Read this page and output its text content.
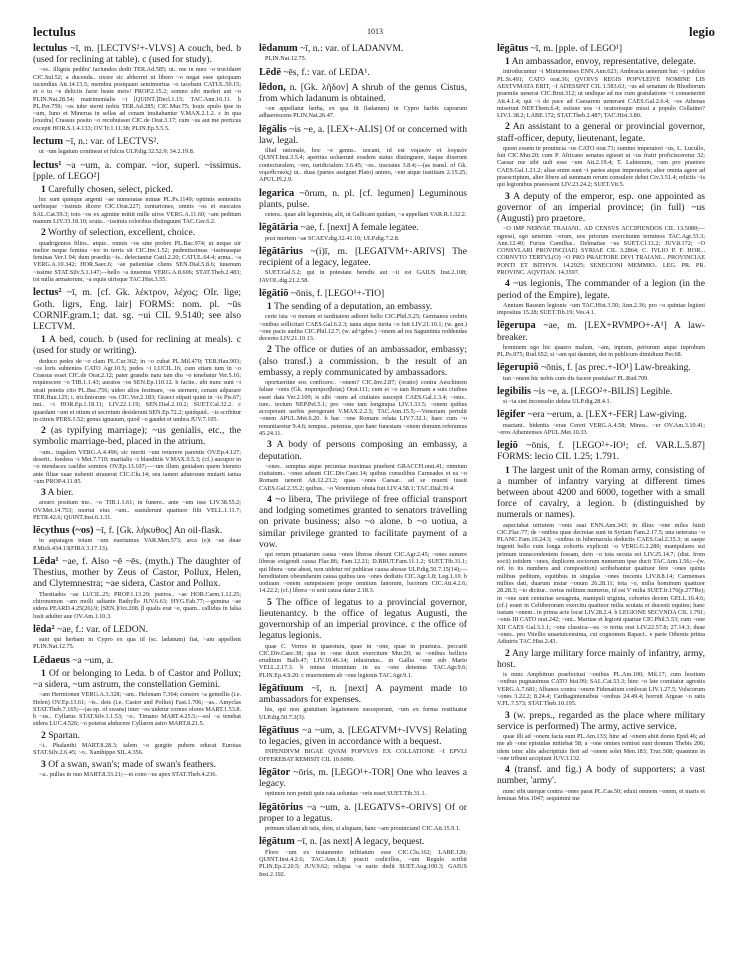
lectulus	1013	legio
lectulus ~ī, m. [LECTVS²+-VLVS] A couch, bed. b (used for reclining at table). c (used for study).
~os.. illignis pedibu' faciundos dedit TER.Ad.585; ut.. me in meo ~o trucidaret CIC.Sul.52; a ducenda.. uxore sic abhorret ut libero ~o negat esse quicquam iucundius Att.14.13.5; membra postquam semimortua ~o iacebant CATUL.50.15; et o tu ~e deliciis facte beate meis! PROP.2.15.2; somno sibi mederi aut ~o PLIN.Nat.28.54; matrimonialis ~i [QUINT.]Decl.1.15; TAC.Ann.16.11. b PL.Per.759; ~os iube sterni nobis TER.Ad.285; CIC.Mur.75; Iouis epulo ipse in ~um, Iuno et Minerua in sellas ad cenam inuitabantur V.MAX.2.1.2. c in qua [exedra] Crassus posito ~o recubuisset CIC.de Orat.3.17; cum ~us aut me porticus excepit HOR.S.1.4.133; OV.Tr.1.11.38; PLIN.Ep.5.5.5.
lectum ~ī, n.: var. of LECTVS².
ut ~um legatum contineat et fulcra ULP.dig.32.52.9; 34.2.19.8.
lectus¹ ~a ~um, a. compar. ~ior, superl. ~issimus. [pple. of LEGO²]
1 Carefully chosen, select, picked.
hic sunt quinque argenti ~ae numeratae minae PL.Ps.1149; optimis sententiis uerbisque ~issimis dicere CIC.Orat.227; centuriones, omnis ~os et euocatos SAL.Cat.59.3; toto ~os ex agmine mittit mille uiros VERG.A.11.60; ~am peditum manum LIV.33.18.10; scuta.. ~issimis coloribus distinguunt TAC.Ger.6.2.
2 Worthy of selection, excellent, choice.
quadrigentos filios.. atque.. omnis ~os sine probro PL.Bac.974; ut neque uir melior neque femina ~ior in terris sit CIC.Inv.1.52; pudentissimas ~issimasque feminas Ver.1.94; dum praediis ~is.. delectantur Catil.2.20; CATUL.64.4; arma.. ~a VERG.A.10.342; HOR.Saec.6; ~ae patientiae cliens SEN.Dial.5.8.6; iuuenum ~issime STAT.Silv.5.1.147;—bello ~a iuuentus VERG.A.8.606; STAT.Theb.2.483; tot milia armatorum, ~a equis uirisque TAC.Hist.3.55.
lectus² ~ī, m. [cf. Gk. λέκτρον, λέχος; OIr. lige; Goth. ligrs, Eng. lair] FORMS: nom. pl. ~ūs CORNIF.gram.1; dat. sg. ~ui CIL 9.5140; see also LECTVM.
1 A bed, couch. b (used for reclining at meals). c (used for study or writing).
deduco pedes de ~o clam PL.Cur.362; in ~o cubat PL.Mil.470; TER.Hau.903; ~os loris subtentos CATO Agr.10.5; pedes ~i LUCIL.16; cum etiam tum in ~o Crassus esset CIC.de Orat.2.12; pater grandis natu iam diu ~o tenebatur Ver.5.16; requiescere ~o TIB.1.1.43; auratos ~os SEN.Ep.110.12. b facite.. ubi nunc sunt ~i strati potetis cito PL.Bac.756; uideo alios festinare, ~os sternere, cenam adparare TER.Hau.125; i. tricliniorum ~os CIC.Ver.2.183; Graeci stipati quini in ~is Pis.67; imi.. ~i HOR.Ep.1.18.11; LIV.22.1.19; SEN.Dial.2.10.2; SUET.Cal.32.2. c quaedam ~um et otium et secretum desiderant SEN.Ep.72.2; quidquid.. ~is scribitur in citreis PERS.1.52; genus ignauum, quod ~o gaudet et umbra JUV.7.105.
2 (as typifying marriage); ~us genialis, etc., the symbolic marriage-bed, placed in the atrium.
~um.. iugalem VERG.A.4.496; sic meriti ~um reuerere parentis OV.Ep.4.127; deserti.. foedera ~i Met.7.710; maritalis ~i blanditiis V.MAX.9.5.3; (cf.) aucupor in ~o mendaces caelibe somnos OV.Ep.13.107;—~um illum genialem quem biennio ante filiae suae nubenti strauerat CIC.Clu.14; seu tamen aduersum mutarit ianua ~um PROP.4.11.85.
3 A bier.
arsuro positum me.. ~o TIB.1.1.61; in funere.. ante ~um isse LIV.38.55.2; OV.Met.14.753; mortui eius ~um.. sustulerunt quattuor filii VELL.1.11.7; PETR.42.6; QUINT.Inst.6.1.31.
lēcythus (~os) ~ī, f. [Gk. λήκυθος] An oil-flask.
in asparagos totam ~um euertamus VAR.Men.573; arca (e)t ~ae duae P.Mich.434.13(FIRA 3.17.13).
Lēda¹ ~ae, f. Also ~ē ~ēs. (myth.) The daughter of Thestius, mother by Zeus of Castor, Pollux, Helen, and Clytemnestra; ~ae sidera, Castor and Pollux.
Thestiados ~ae LUCIL.25; PROP.1.13.29; pueros.. ~ae HOR.Carm.1.12.25; chironomon ~am molli saltante Bathyllo JUV.6.63; HYG.Fab.77;—gemina ~ae sidera PEARD.4.25(26).9; [SEN.]Oct.208. β qualis erat ~e, quam.. callidus in falsa lusit adulter aue OV.Am.1.10.3.
lēda² ~ae, f.: var. of LEDON.
sunt qui herbam in Cypro ex qua id (sc. ladanum) fiat, ~am appellent PLIN.Nat.12.75.
Lēdaeus ~a ~um, a.
1 Of or belonging to Leda. b of Castor and Pollux; ~a sidera, ~um astrum, the constellation Gemini.
~am Hermionen VERG.A.3.328; ~am.. Helenam 7.364; consors ~a gemellis (i.e. Helen) OV.Ep.13.61; ~is.. deis (i.e. Castor and Pollux) Fast.1.706; ~as.. Amyclas STAT.Theb.7.165;—(as ep. of swans) inter ~os uidetur cornus olores MART.1.53.8. b ~us.. Cyllarus STAT.Silv.1.1.53; ~o.. Timano MART.4.25.5;—sol ~a tenebat sidera LUC.4.526; ~o poteras abducere Cyllaron astro MART.8.21.5.
2 Spartan.
~i.. Phalanthi MART.8.28.3; talem ~o gurgite pubem educat Eurotas STAT.Silv.2.6.45; ~o.. Xanthippo SIL.4.356.
3 Of a swan, swan's; made of swan's feathers.
~a.. pullus in ouo MART.8.33.21;—et cono ~us apex STAT.Theb.4.236.
lēdanum ~ī, n.: var. of LADANVM.
PLIN.Nat.12.75.
Lēdē ~ēs, f.: var. of LEDA¹.
lēdon, n. [Gk. λῆδον] A shrub of the genus Cistus, from which ladanum is obtained.
~on appellatur herba, ex qua fit (ladanum) in Cypro barbis caprarum adhaerescens PLIN.Nat.26.47.
lēgālis ~is ~e, a. [LEX+-ALIS] Of or concerned with law, legal.
illud rationale, hoc ~e genus.. uocant, id est νομικὸν et λογικὸν QUINT.Inst.3.5.4; apertius uoluerunt eosdem status distinguere, itaque dixerunt coniecturalem, ~em, iuridicialem 3.6.45; ~es.. tractatus 3.8.4;—(as transl. of Gk. νομοθετικός) ut.. duas (partes assignet Plato) animo, ~em atque iustitiam 2.15.25; APUL.Pl.2.9.
legarica ~ōrum, n. pl. [cf. legumen] Leguminous plants, pulse.
cetera.. quae alii leguminia, alii, ut Gallicani quidam, ~a appellant VAR.R.1.32.2.
lēgātāria ~ae, f. [next] A female legatee.
post mortem ~ae SCAEV.dig.32.41.10; ULP.dig.7.2.8.
lēgātārius ~(i)ī, m. [LEGATVM+-ARIVS] The recipient of a legacy, legatee.
SUET.Gal.5.2; qui in potestate heredis aut ~ii est GAIUS Inst.2.108; JAVOL.dig.21.2.58.
lēgātiō ~ōnis, f. [LEGO¹+-TIO]
1 The sending of a deputation, an embassy.
certe ista ~o moram et tarditatem adferet bello CIC.Phil.5.25; Germanos crebris ~onibus sollicitari CAES.Gal.6.2.3; uana atque inrita ~o fuit LIV.21.10.1; (w. gen.) ~one pacis audita CIC.Phil.12.7; (w. ad+gdve.) ~onem ad res Saguntinis reddendas decerno LIV.21.10.13.
2 The office or duties of an ambassador, embassy; (also transf.) a commission. b the result of an embassy, a reply communicated by ambassadors.
oportueritne eos conficere.. ~onem? CIC.Inv.2.87; (oratio) contra Aeschinem falsae ~onis (Gk. παραπρεσβείας) Orat.111; cum ei ~o iam Romam a suis ciuibus esset data Ver.2.109; is sibi ~nem ad ciuitates suscepit CAES.Gal.1.3.4; ~onis.. iure.. tectum NEP.Pel.5.1; pro ~one tam longinqua LIV.3.33.5; ~onem quibus acceperant uerbis peregerant V.MAX.2.2.5; TAC.Ann.15.5;—Veneriam pertulit ~onem APUL.Met.6.20. b hac ~one Romam relata LIV.7.32.1; haec cum ~o renuntiaretur 9.4.6; tempus.. petemus, quo hanc funestam ~onem domum referamus 45.24.11.
3 A body of persons composing an embassy, a deputation.
~ones.. sumptus atque pecunias maximas praebent GRACCH.orat.41; omnium ciuitatum.. ~ones adsunt CIC.Div.Caec.14; quibus consulibus Carneades et ea ~o Romam uenerit Att.12.23.2; quas ~ones Caesar.. ad se reuerti iussit CAES.Gal.2.35.2; quibus.. ~o Veientium obuia fuit LIV.4.58.1; TAC.Dial.39.4.
4 ~o libera, The privilege of free official transport and lodging sometimes granted to senators travelling on private business; also ~o alone. b ~o uotiua, a similar privilege granted to facilitate payment of a vow.
qui rerum priuatarum causa ~ones liberas obeunt CIC.Agr.2.45; ~ones sumere liberas exigendi causa Flac.86; Fam.12.21; D.BRUT.Fam.11.1.2; SUET.Tib.31.1; qui libera ~one abest, non uidetur rei publicae causa abesse ULP.dig.50.7.15(14);—hereditatum obeundarum causa quibus uos ~ones dedistis CIC.Agr.1.8; Leg.1.10. b uotiuam ~onem sumpsissem prope omnium fanorum, lucorum CIC.Att.4.2.6; 14.22.2; (cf.) libera ~o uoti causa datur 2.18.3.
5 The office of legatus to a provincial governor, lieutenantcy. b the office of legatus Augusti, the governorship of an imperial province. c the office of legatus legionis.
quae C. Verres in quaestura, quae in ~one, quae in praetura.. peccarit CIC.Div.Caec.38; qua in ~one duxit exercitum Mur.20; se ~onibus bellicis eruditum Balb.47; LIV.10.46.14; inlustratus.. in Gallia ~one sub Mario VELL.2.17.3. b minus triennium in ea ~one detentus TAC.Agr.9.6; PLIN.Ep.4.9.20. c reuertentem ab ~one legionis TAC.Agr.9.1.
lēgātīuum ~ī, n. [next] A payment made to ambassadors for expenses.
his, qui non gratuitam legationem susceperunt, ~um ex forma restituatur ULP.dig.50.7.3(3).
lēgātīuus ~a ~um, a. [LEGATVM+-IVVS] Relating to legacies, given in accordance with a bequest.
INPENDIVM BIGAE QVAM POPVLVS EX COLLATIONE ~I EPVLI OFFEREBAT REMISIT CIL 10.6090.
lēgātor ~ōris, m. [LEGO¹+-TOR] One who leaves a legacy.
optinere non potuit quin rata uoluntas ~oris esset SUET.Tib.31.1.
lēgātōrius ~a ~um, a. [LEGATVS+-ORIVS] Of or proper to a legatus.
primum ullam ab istis, dein, si aliquam, hanc ~am prouinciam! CIC.Att.15.9.1.
lēgātum ~ī, n. [as next] A legacy, bequest.
Floro ~um ex testamento infitiatum esse CIC.Clu.162; LABE.120; QUINT.Inst.4.2.6; TAC.Ann.1.8; poscit codicillos, ~um Regulo scribit PLIN.Ep.2.20.5; JUV.9.62; reliqua ~a uarie dedit SUET.Aug.100.3; GAIUS Inst.2.192.
lēgātus ~ī, m. [pple. of LEGO¹]
1 An ambassador, envoy, representative, delegate.
introducuntur ~i Minturnenses ENN.Ann.623; Ambracia uenerunt huc ~i publice PL.St.491; CATO orat.36; QVOIVS REGIS POPVLEIVE NOMINE LIS AESTVMATA ERIT, ~I ADESSINT CIL 1.583.63; ~us ad senatum de Rhodiorum praemiis uenerat CIC.Brut.312; ut undique ad me cum gratulatione ~i conuenerint Att.4.1.4; qui ~i de pace ad Caesarem uenerant CAES.Gal.2.6.4; ~os Athenas miserunt NEP.Them.6.4; estisne uos ~i oratoresque missi a populo Collatino? LIV.1.38.2; LABE.172; STAT.Theb.2.487; TAC.Hist.3.80.
2 An assistant to a general or provincial governor, staff-officer, deputy, lieutenant, legate.
quom essem in prouincia ~us CATO orat.73; summo imperatori ~us, L. Lucullo, fuit CIC.Mur.20; cum P. Africano senatus egisset ut ~us fratri proficisceretur 32; Caesar me sibi uult esse ~um Att.2.19.4; T. Labienum, ~um pro praetore CAES.Gal.1.21.2; aliae enim sunt ~i partes atque imperatoris; alter omnia agere ad praescriptum, alter libere ad summam rerum consulere debet Civ.3.51.4; relictis ~is qui legionibus praeessent LIV.23.24.2; SUET.Vit.5.
3 A deputy of the emperor, esp. one appointed as governor of an imperial province; (in full) ~us (Augusti) pro praetore.
~O IMP NERVAE TRAIANI.. AD CENSVS ACCIPIENDOS CIL 13.5089;—egressi, ego ueterum ~orum, uos priorum exercituum terminos TAC.Agr.33.3; Ann.12.40; Furius Camillus.. Delmatiae ~us SUET.Cl.13.2; JUV.8.172; ~O CONSVLARI PROVINC(IAE) SYRIAE CIL 3.2864; C. IVLIO P. F. HOR... CORNVTO TERTVL(O) ~O PRO PRAETORE DIVI TRAIANI... PROVINCIAE PONTI ET BITHYN. 14.2925; SENECIONI MEMMIO.. LEG. PR. PR. PROVINC. AQVITAN. 14.3597.
4 ~us legionis, The commander of a legion (in the period of the Empire), legate.
Annium Bassum legionis ~um TAC.Hist.3.50; Ann.2.36; pro ~o quintae legioni impositus 15.28; SUET.Tib.19; Ves.4.1.
lēgerupa ~ae, m. [LEX+RVMPO+-A¹] A law-breaker.
hominem ego hic quaero malum, ~am, inpium, periurum atque inprobum PL.Ps.975; Rud.652; si ~am qui damnet, det in publicum dimidium Per.68.
lēgerupiō ~ōnis, f. [as prec.+-IO¹] Law-breaking.
tun ~onem hic nobis cum dis facere postulas? PL.Rud.709.
legibilis ~is ~e, a. [LEGO²+-BILIS] Legible.
si ~ia sint inconsulto deleta ULP.dig.28.4.1.
lēgifer ~era ~erum, a. [LEX+-FER] Law-giving.
mactant.. bidentis ~erae Cereri VERG.A.4.58; Minos.. ~er OV.Am.3.10.41; ~eros Athenienses APUL.Met.10.33.
legiō ~ōnis, f. [LEGO²+-IO¹; cf. VAR.L.5.87] FORMS: lecio CIL 1.25; 1.791.
1 The largest unit of the Roman army, consisting of a number of infantry varying at different times between about 4200 and 6000, together with a small force of cavalry, a legion. b (distinguished by numerals or names).
aspectabat uirtutem ~onis suai ENN.Ann.343; in illius ~one miles fuisti CIC.Flac.77; de ~onibus quae decretae sunt in Syriam Fam.2.17.5; una ueterana ~o PLANC.Fam.10.24.3; ~onibus in hibernacula deductis CAES.Gal.2.35.3; ut saepe ingenti bello cum longa cohortis explicuit ~o VERG.G.2.280; manipulares sui primum transcendentem fossam, dein ~o tota secuta est LIV.25.14.7; (dist. from socii) totidem ~ones, duplicem sociorum numerum ipse ducit TAC.Ann.1.56;—(w. ref. to its numbers and composition) scribebantur quattuor fere ~ones quinis milibus peditum, equitibus in singulas ~ones trecenis LIV.8.8.14; Carmenses milites dati, duarum instar ~onum 26.28.11; tota ~o, milia hominum quattuor 28.28.3; ~io dicitur.. certus militum numerus, id est V milia SUET.fr.176(p.277Re); in ~one sunt centuriae sexaginta, manipuli triginta, cohortes decem GELL.16.4.6; (cf.) erant in Celtiberorum exercitu quattuor milia scutata et ducenti equites; hanc iustam ~onem.. in prima acie locat LIV.28.2.4. b LEGIONE SECVNDA CIL 1.791; ~onis III CATO orat.242; ~oni.. Martiae et legioni quartae CIC.Phil.5.53; cum ~one XII CAES Gal.3.1.1; ~one classica—ea ~o tertia erat LIV.22.57.8; 27.14.3; duae ~ones.. pro Vitellio unaetuicensima, cui cognomen Rapaci.. e parte Othonis prima Adiutrix TAC.Hist.2.43.
2 Any large military force mainly of infantry, army, host.
is nunc Amphitruo praefectust ~onibus PL.Am.100; Mil.17; cum hostium ~onibus pugnauimus CATO hist.99; SAL.Cat.53.3; hinc ~o late comitatur agrestis VERG.A.7.681; Albanos contra ~onem Fidenatium conlocat LIV.1.27.5; Volscorum ~ones 3.22.2; 8.24.4; Carthaginiensibus ~onibus 24.49.4; horruit Argeae ~o ratis V.FL.7.573; STAT.Theb.10.195.
3 (w. preps., regarded as the place where military service is performed) The army, active service.
quae illi ad ~onem facta sunt PL.Am.133; hinc ad ~onem abiit domo Epid.46; ad me ab ~one epistulas mittebat 58; a ~one omnes remissi sunt domum Thebis 206; idem istuc aliis adscriptiuis fieri ad ~onem solet Men.183; Truc.508; quantum in ~one tribuni accipiunt JUV.3.132.
4 (transf. and fig.) A body of supporters; a vast number, 'army'.
nunc sibi uterque contra ~ones parat PL.Cas.50; eduxi omnem ~onem, et maris et feminas Mos.1047; sequimini me
